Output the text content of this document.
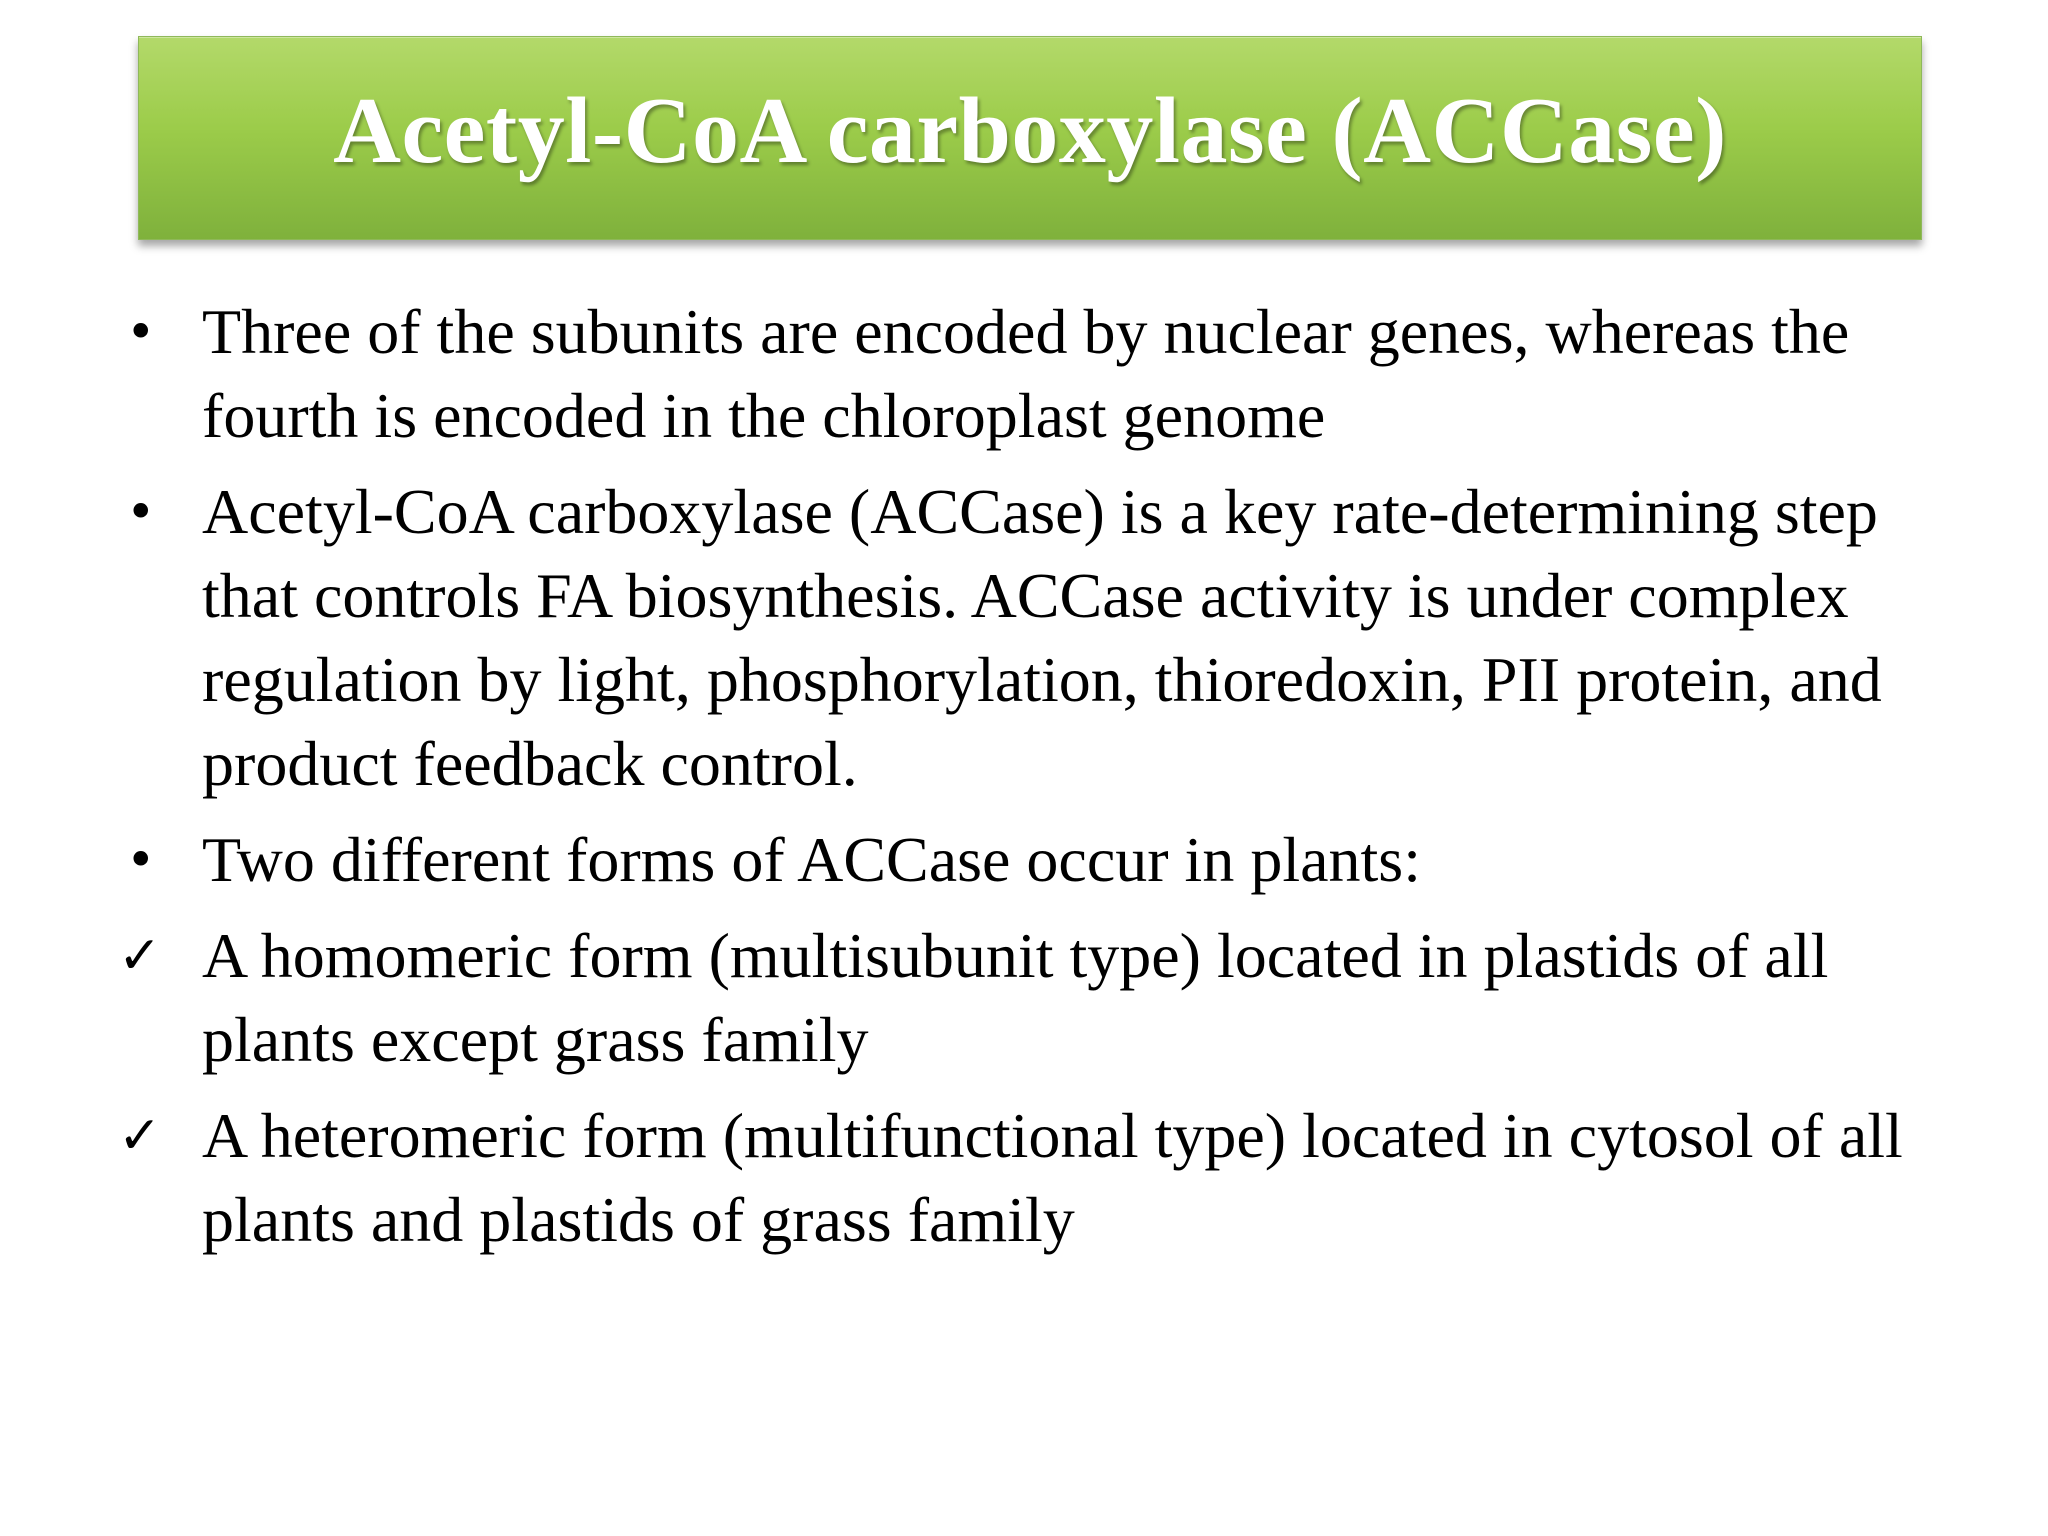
Acetyl-CoA carboxylase (ACCase)
• Three of the subunits are encoded by nuclear genes, whereas the fourth is encoded in the chloroplast genome
• Acetyl-CoA carboxylase (ACCase) is a key rate-determining step that controls FA biosynthesis. ACCase activity is under complex regulation by light, phosphorylation, thioredoxin, PII protein, and product feedback control.
• Two different forms of ACCase occur in plants:
✓ A homomeric form (multisubunit type) located in plastids of all plants except grass family
✓ A heteromeric form (multifunctional type) located in cytosol of all plants and plastids of grass family
